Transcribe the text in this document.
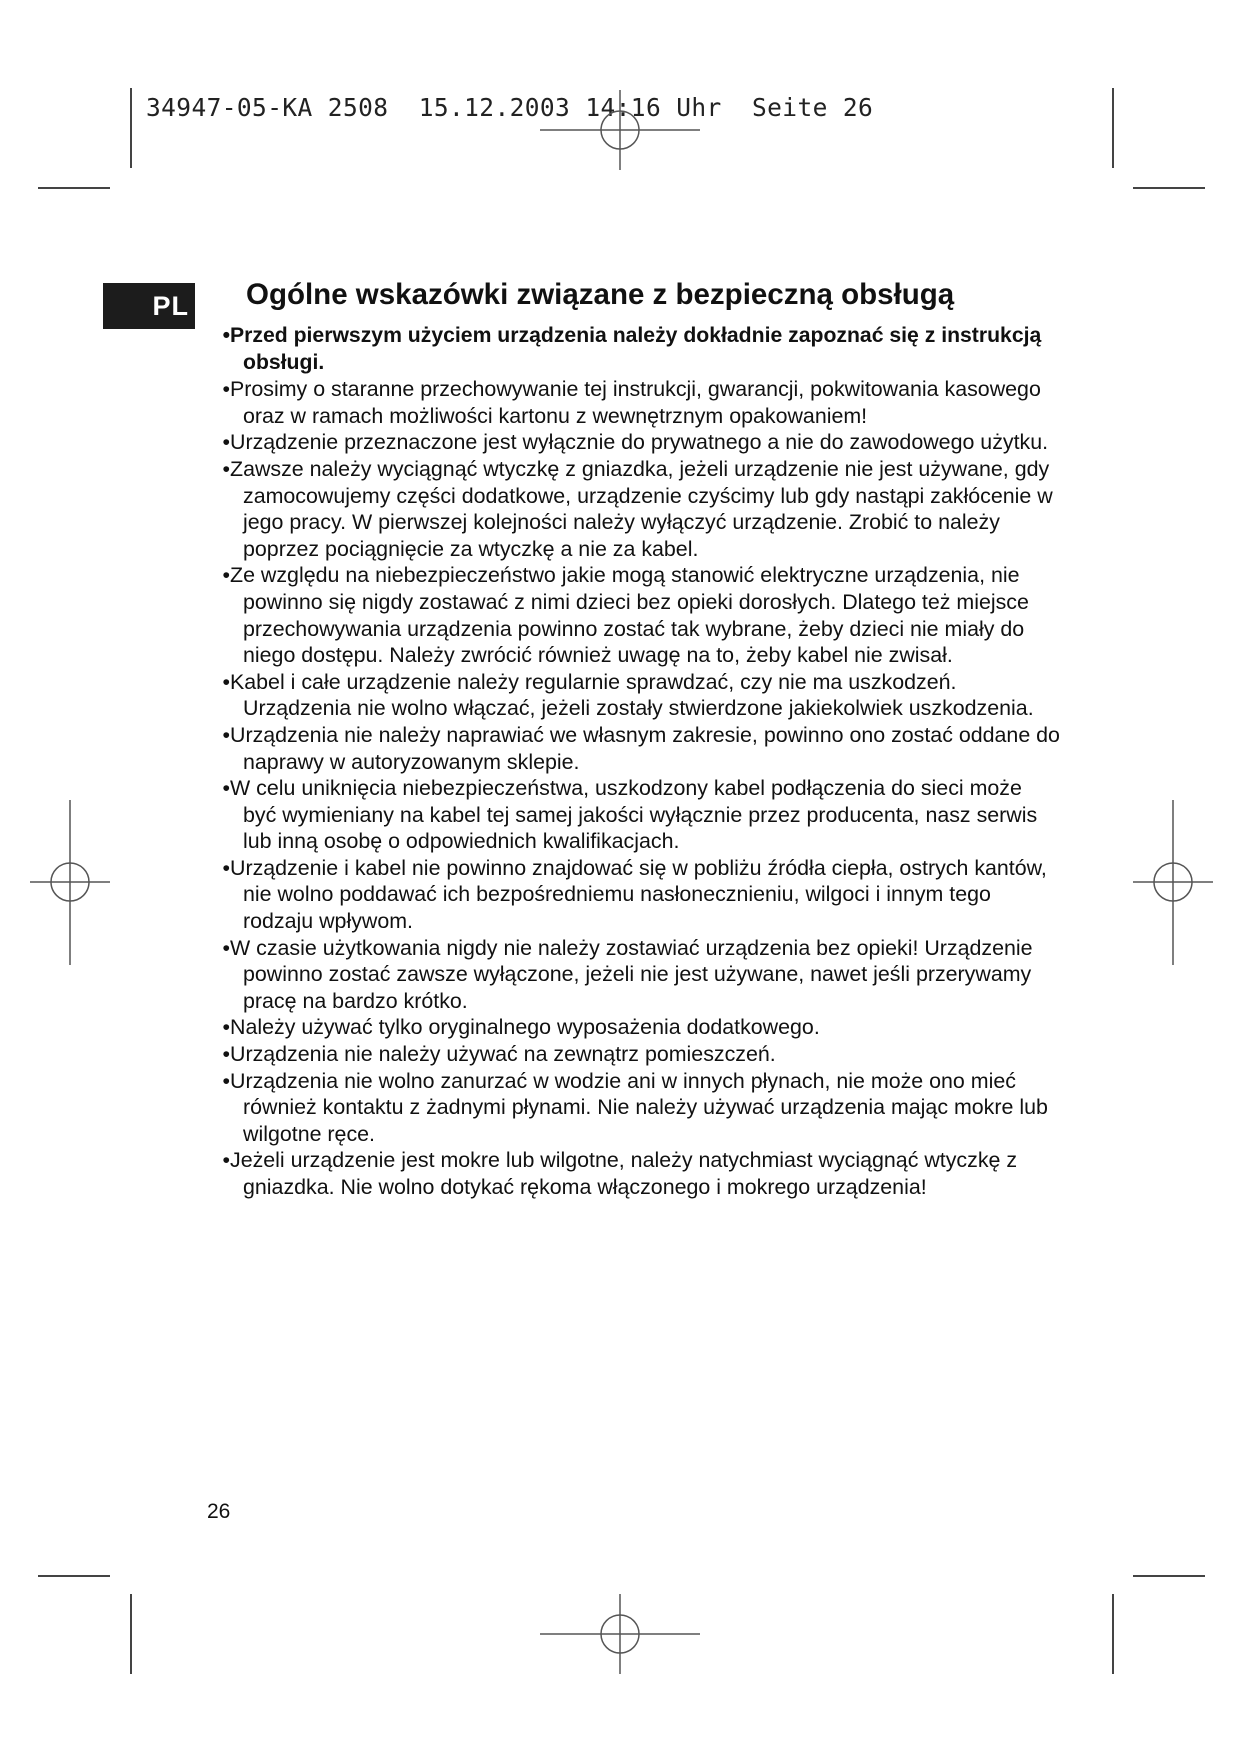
34947-05-KA 2508  15.12.2003 14:16 Uhr  Seite 26
PL Ogólne wskazówki związane z bezpieczną obsługą
• Przed pierwszym użyciem urządzenia należy dokładnie zapoznać się z instrukcją obsługi.
• Prosimy o staranne przechowywanie tej instrukcji, gwarancji, pokwitowania kasowego oraz w ramach możliwości kartonu z wewnętrznym opakowaniem!
• Urządzenie przeznaczone jest wyłącznie do prywatnego a nie do zawodowego użytku.
• Zawsze należy wyciągnąć wtyczkę z gniazdka, jeżeli urządzenie nie jest używane, gdy zamocowujemy części dodatkowe, urządzenie czyścimy lub gdy nastąpi zakłócenie w jego pracy. W pierwszej kolejności należy wyłączyć urządzenie. Zrobić to należy poprzez pociągnięcie za wtyczkę a nie za kabel.
• Ze względu na niebezpieczeństwo jakie mogą stanowić elektryczne urządzenia, nie powinno się nigdy zostawać z nimi dzieci bez opieki dorosłych. Dlatego też miejsce przechowywania urządzenia powinno zostać tak wybrane, żeby dzieci nie miały do niego dostępu. Należy zwrócić również uwagę na to, żeby kabel nie zwisał.
• Kabel i całe urządzenie należy regularnie sprawdzać, czy nie ma uszkodzeń. Urządzenia nie wolno włączać, jeżeli zostały stwierdzone jakiekolwiek uszkodzenia.
• Urządzenia nie należy naprawiać we własnym zakresie, powinno ono zostać oddane do naprawy w autoryzowanym sklepie.
• W celu uniknięcia niebezpieczeństwa, uszkodzony kabel podłączenia do sieci może być wymieniany na kabel tej samej jakości wyłącznie przez producenta, nasz serwis lub inną osobę o odpowiednich kwalifikacjach.
• Urządzenie i kabel nie powinno znajdować się w pobliżu źródła ciepła, ostrych kantów, nie wolno poddawać ich bezpośredniemu nasłonecznieniu, wilgoci i innym tego rodzaju wpływom.
• W czasie użytkowania nigdy nie należy zostawiać urządzenia bez opieki! Urządzenie powinno zostać zawsze wyłączone, jeżeli nie jest używane, nawet jeśli przerywamy pracę na bardzo krótko.
• Należy używać tylko oryginalnego wyposażenia dodatkowego.
• Urządzenia nie należy używać na zewnątrz pomieszczeń.
• Urządzenia nie wolno zanurzać w wodzie ani w innych płynach, nie może ono mieć również kontaktu z żadnymi płynami. Nie należy używać urządzenia mając mokre lub wilgotne ręce.
• Jeżeli urządzenie jest mokre lub wilgotne, należy natychmiast wyciągnąć wtyczkę z gniazdka. Nie wolno dotykać rękoma włączonego i mokrego urządzenia!
26
